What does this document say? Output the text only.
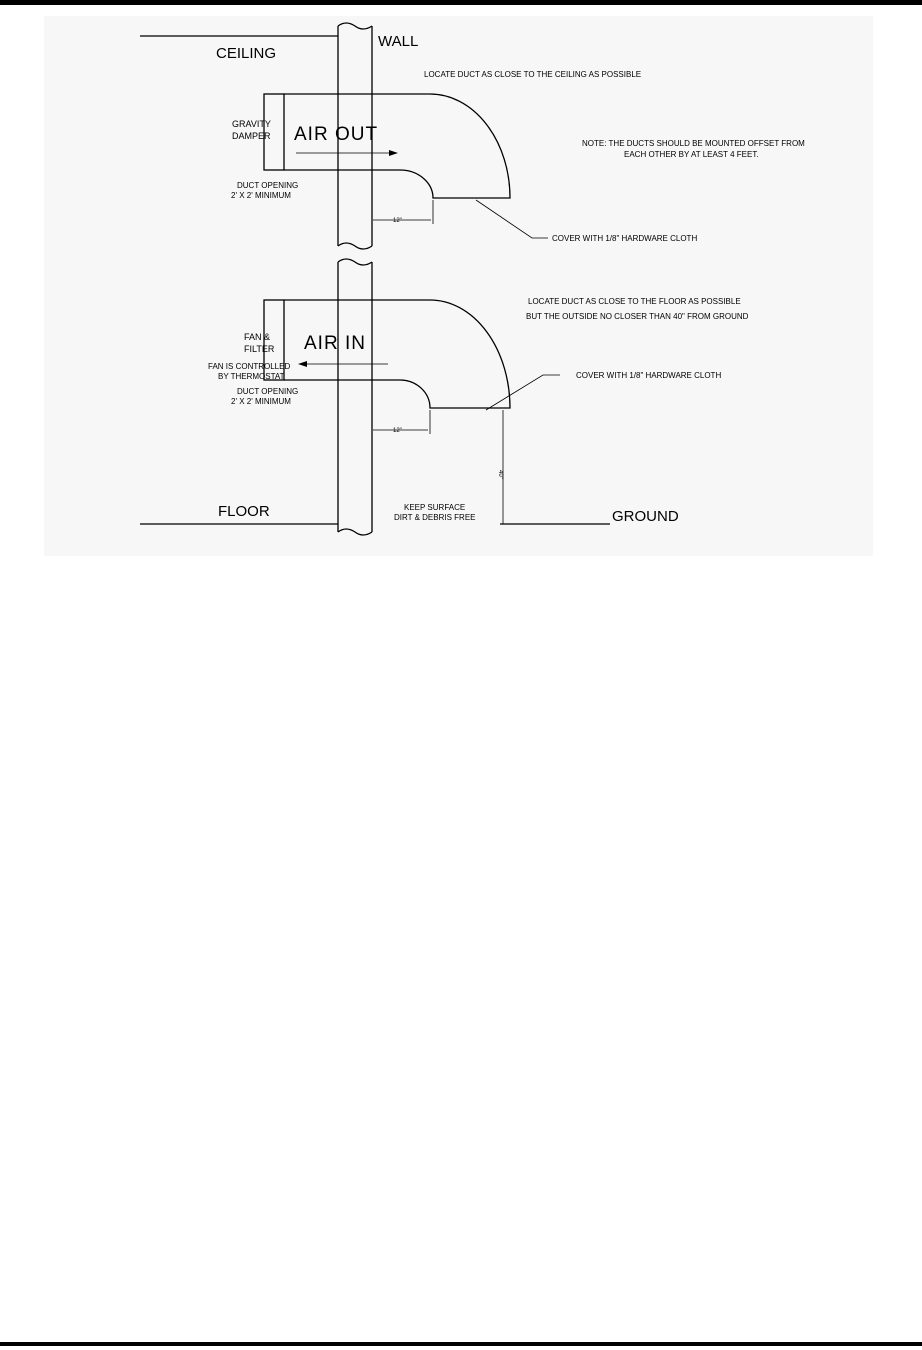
CEILING
WALL
FLOOR	GROUND
AIR OUT
AIR IN
GRAVITY
DAMPER
DUCT OPENING
2' X 2' MINIMUM
FAN &
FILTER
FAN IS CONTROLLED
BY THERMOSTAT
DUCT OPENING
2' X 2' MINIMUM
LOCATE DUCT AS CLOSE TO THE CEILING AS POSSIBLE
NOTE: THE DUCTS SHOULD BE MOUNTED OFFSET FROM
EACH OTHER BY AT LEAST 4 FEET.
COVER WITH 1/8" HARDWARE CLOTH
LOCATE DUCT AS CLOSE TO THE FLOOR AS POSSIBLE
BUT THE OUTSIDE NO CLOSER THAN 40" FROM GROUND
COVER WITH 1/8" HARDWARE CLOTH
KEEP SURFACE
DIRT & DEBRIS FREE
12"
12"
40"
